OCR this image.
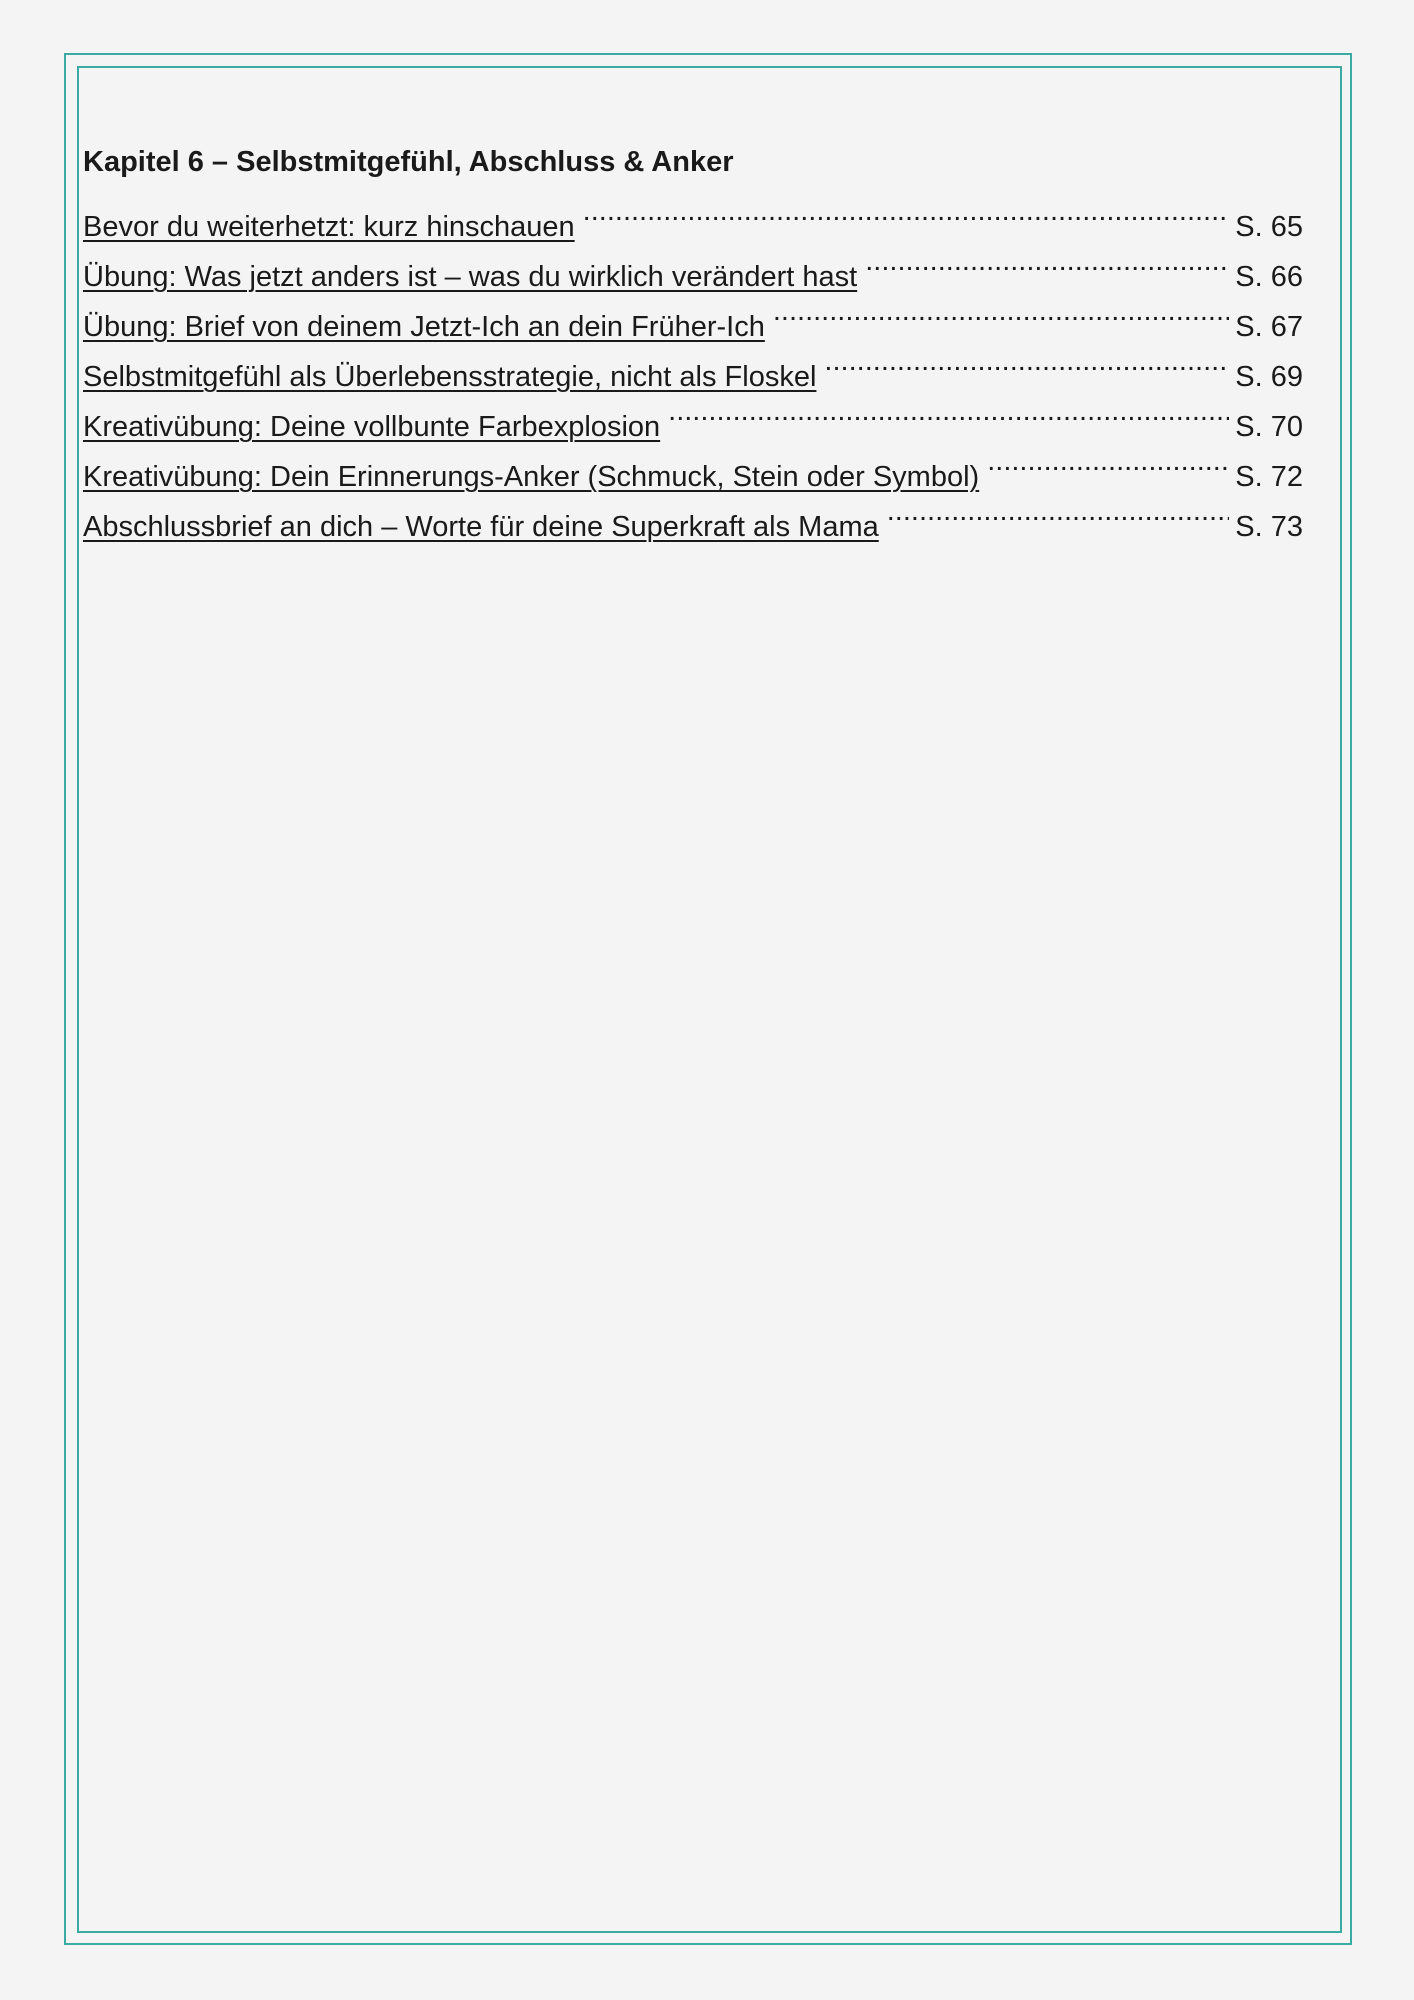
Kapitel 6 – Selbstmitgefühl, Abschluss & Anker
Bevor du weiterhetzt: kurz hinschauen .....	S. 65
Übung: Was jetzt anders ist – was du wirklich verändert hast .....	S. 66
Übung: Brief von deinem Jetzt-Ich an dein Früher-Ich .....	S. 67
Selbstmitgefühl als Überlebensstrategie, nicht als Floskel .....	S. 69
Kreativübung: Deine vollbunte Farbexplosion .....	S. 70
Kreativübung: Dein Erinnerungs-Anker (Schmuck, Stein oder Symbol) .....	S. 72
Abschlussbrief an dich – Worte für deine Superkraft als Mama .....	S. 73
